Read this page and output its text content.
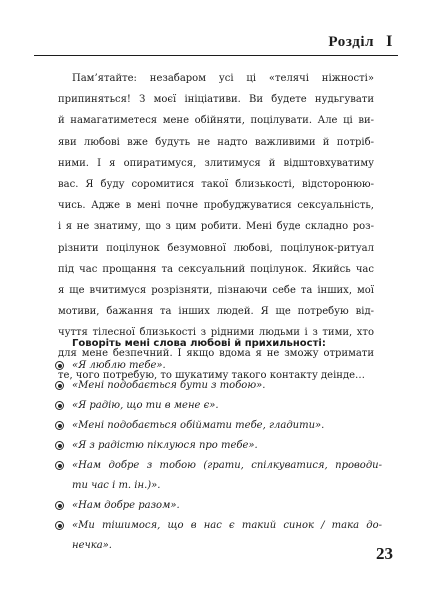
Розділ I
Пам’ятайте: незабаром усі ці «телячі ніжності»
припиняться! З моєї ініціативи. Ви будете нудьгувати
й намагатиметеся мене обійняти, поцілувати. Але ці ви-
яви любові вже будуть не надто важливими й потріб-
ними. І я опиратимуся, злитимуся й відштовхуватиму
вас. Я буду соромитися такої близькості, відсторонюю-
чись. Адже в мені почне пробуджуватися сексуальність,
і я не знатиму, що з цим робити. Мені буде складно роз-
різнити поцілунок безумовної любові, поцілунок-ритуал
під час прощання та сексуальний поцілунок. Якийсь час
я ще вчитимуся розрізняти, пізнаючи себе та інших, мої
мотиви, бажання та інших людей. Я ще потребую від-
чуття тілесної близькості з рідними людьми і з тими, хто
для мене безпечний. І якщо вдома я не зможу отримати
те, чого потребую, то шукатиму такого контакту деінде…
Говоріть мені слова любові й прихильності:
«Я люблю тебе».
«Мені подобається бути з тобою».
«Я радію, що ти в мене є».
«Мені подобається обіймати тебе, гладити».
«Я з радістю піклуюся про тебе».
«Нам добре з тобою (грати, спілкуватися, проводи-
ти час і т. ін.)».
«Нам добре разом».
«Ми тішимося, що в нас є такий синок / така до-
нечка».	23
